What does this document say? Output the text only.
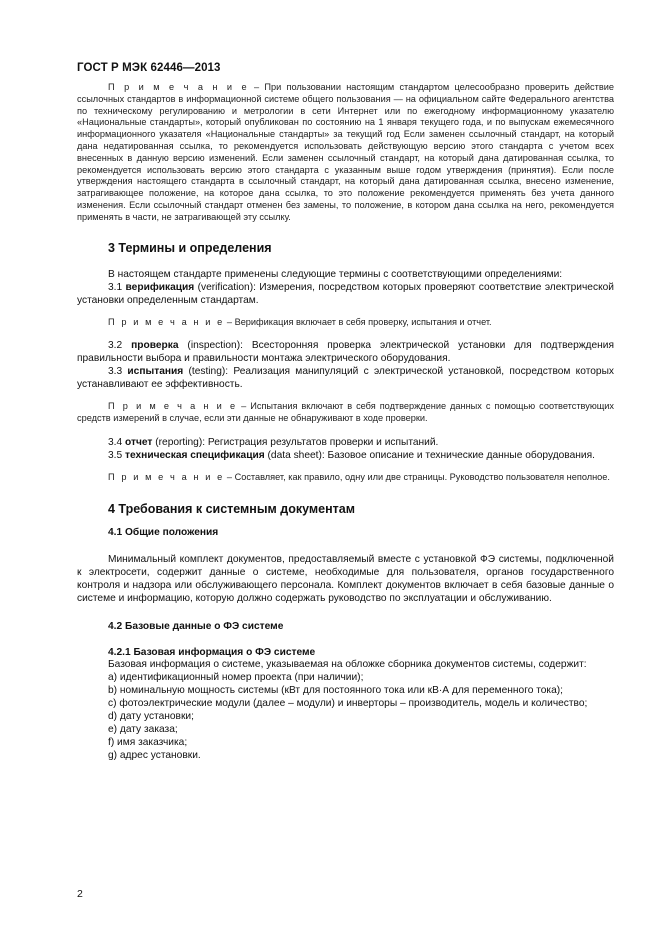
ГОСТ Р МЭК 62446—2013

П р и м е ч а н и е – При пользовании настоящим стандартом целесообразно проверить действие ссылочных стандартов в информационной системе общего пользования — на официальном сайте Федерального агентства по техническому регулированию и метрологии в сети Интернет или по ежегодному информационному указателю «Национальные стандарты», который опубликован по состоянию на 1 января текущего года, и по выпускам ежемесячного информационного указателя «Национальные стандарты» за текущий год Если заменен ссылочный стандарт, на который дана недатированная ссылка, то рекомендуется использовать действующую версию этого стандарта с учетом всех внесенных в данную версию изменений. Если заменен ссылочный стандарт, на который дана датированная ссылка, то рекомендуется использовать версию этого стандарта с указанным выше годом утверждения (принятия). Если после утверждения настоящего стандарта в ссылочный стандарт, на который дана датированная ссылка, внесено изменение, затрагивающее положение, на которое дана ссылка, то это положение рекомендуется применять без учета данного изменения. Если ссылочный стандарт отменен без замены, то положение, в котором дана ссылка на него, рекомендуется применять в части, не затрагивающей эту ссылку.

3 Термины и определения

В настоящем стандарте применены следующие термины с соответствующими определениями:

3.1 верификация (verification): Измерения, посредством которых проверяют соответствие электрической установки определенным стандартам.

П р и м е ч а н и е – Верификация включает в себя проверку, испытания и отчет.

3.2 проверка (inspection): Всесторонняя проверка электрической установки для подтверждения правильности выбора и правильности монтажа электрического оборудования.

3.3 испытания (testing): Реализация манипуляций с электрической установкой, посредством которых устанавливают ее эффективность.

П р и м е ч а н и е – Испытания включают в себя подтверждение данных с помощью соответствующих средств измерений в случае, если эти данные не обнаруживают в ходе проверки.

3.4 отчет (reporting): Регистрация результатов проверки и испытаний.

3.5 техническая спецификация (data sheet): Базовое описание и технические данные оборудования.

П р и м е ч а н и е – Составляет, как правило, одну или две страницы. Руководство пользователя неполное.

4 Требования к системным документам

4.1 Общие положения

Минимальный комплект документов, предоставляемый вместе с установкой ФЭ системы, подключенной к электросети, содержит данные о системе, необходимые для пользователя, органов государственного контроля и надзора или обслуживающего персонала. Комплект документов включает в себя базовые данные о системе и информацию, которую должно содержать руководство по эксплуатации и обслуживанию.

4.2 Базовые данные о ФЭ системе

4.2.1 Базовая информация о ФЭ системе

Базовая информация о системе, указываемая на обложке сборника документов системы, содержит:

a) идентификационный номер проекта (при наличии);

b) номинальную мощность системы (кВт для постоянного тока или кВ·А для переменного тока);

c) фотоэлектрические модули (далее – модули) и инверторы – производитель, модель и количество;

d) дату установки;

e) дату заказа;

f) имя заказчика;

g) адрес установки.

2
